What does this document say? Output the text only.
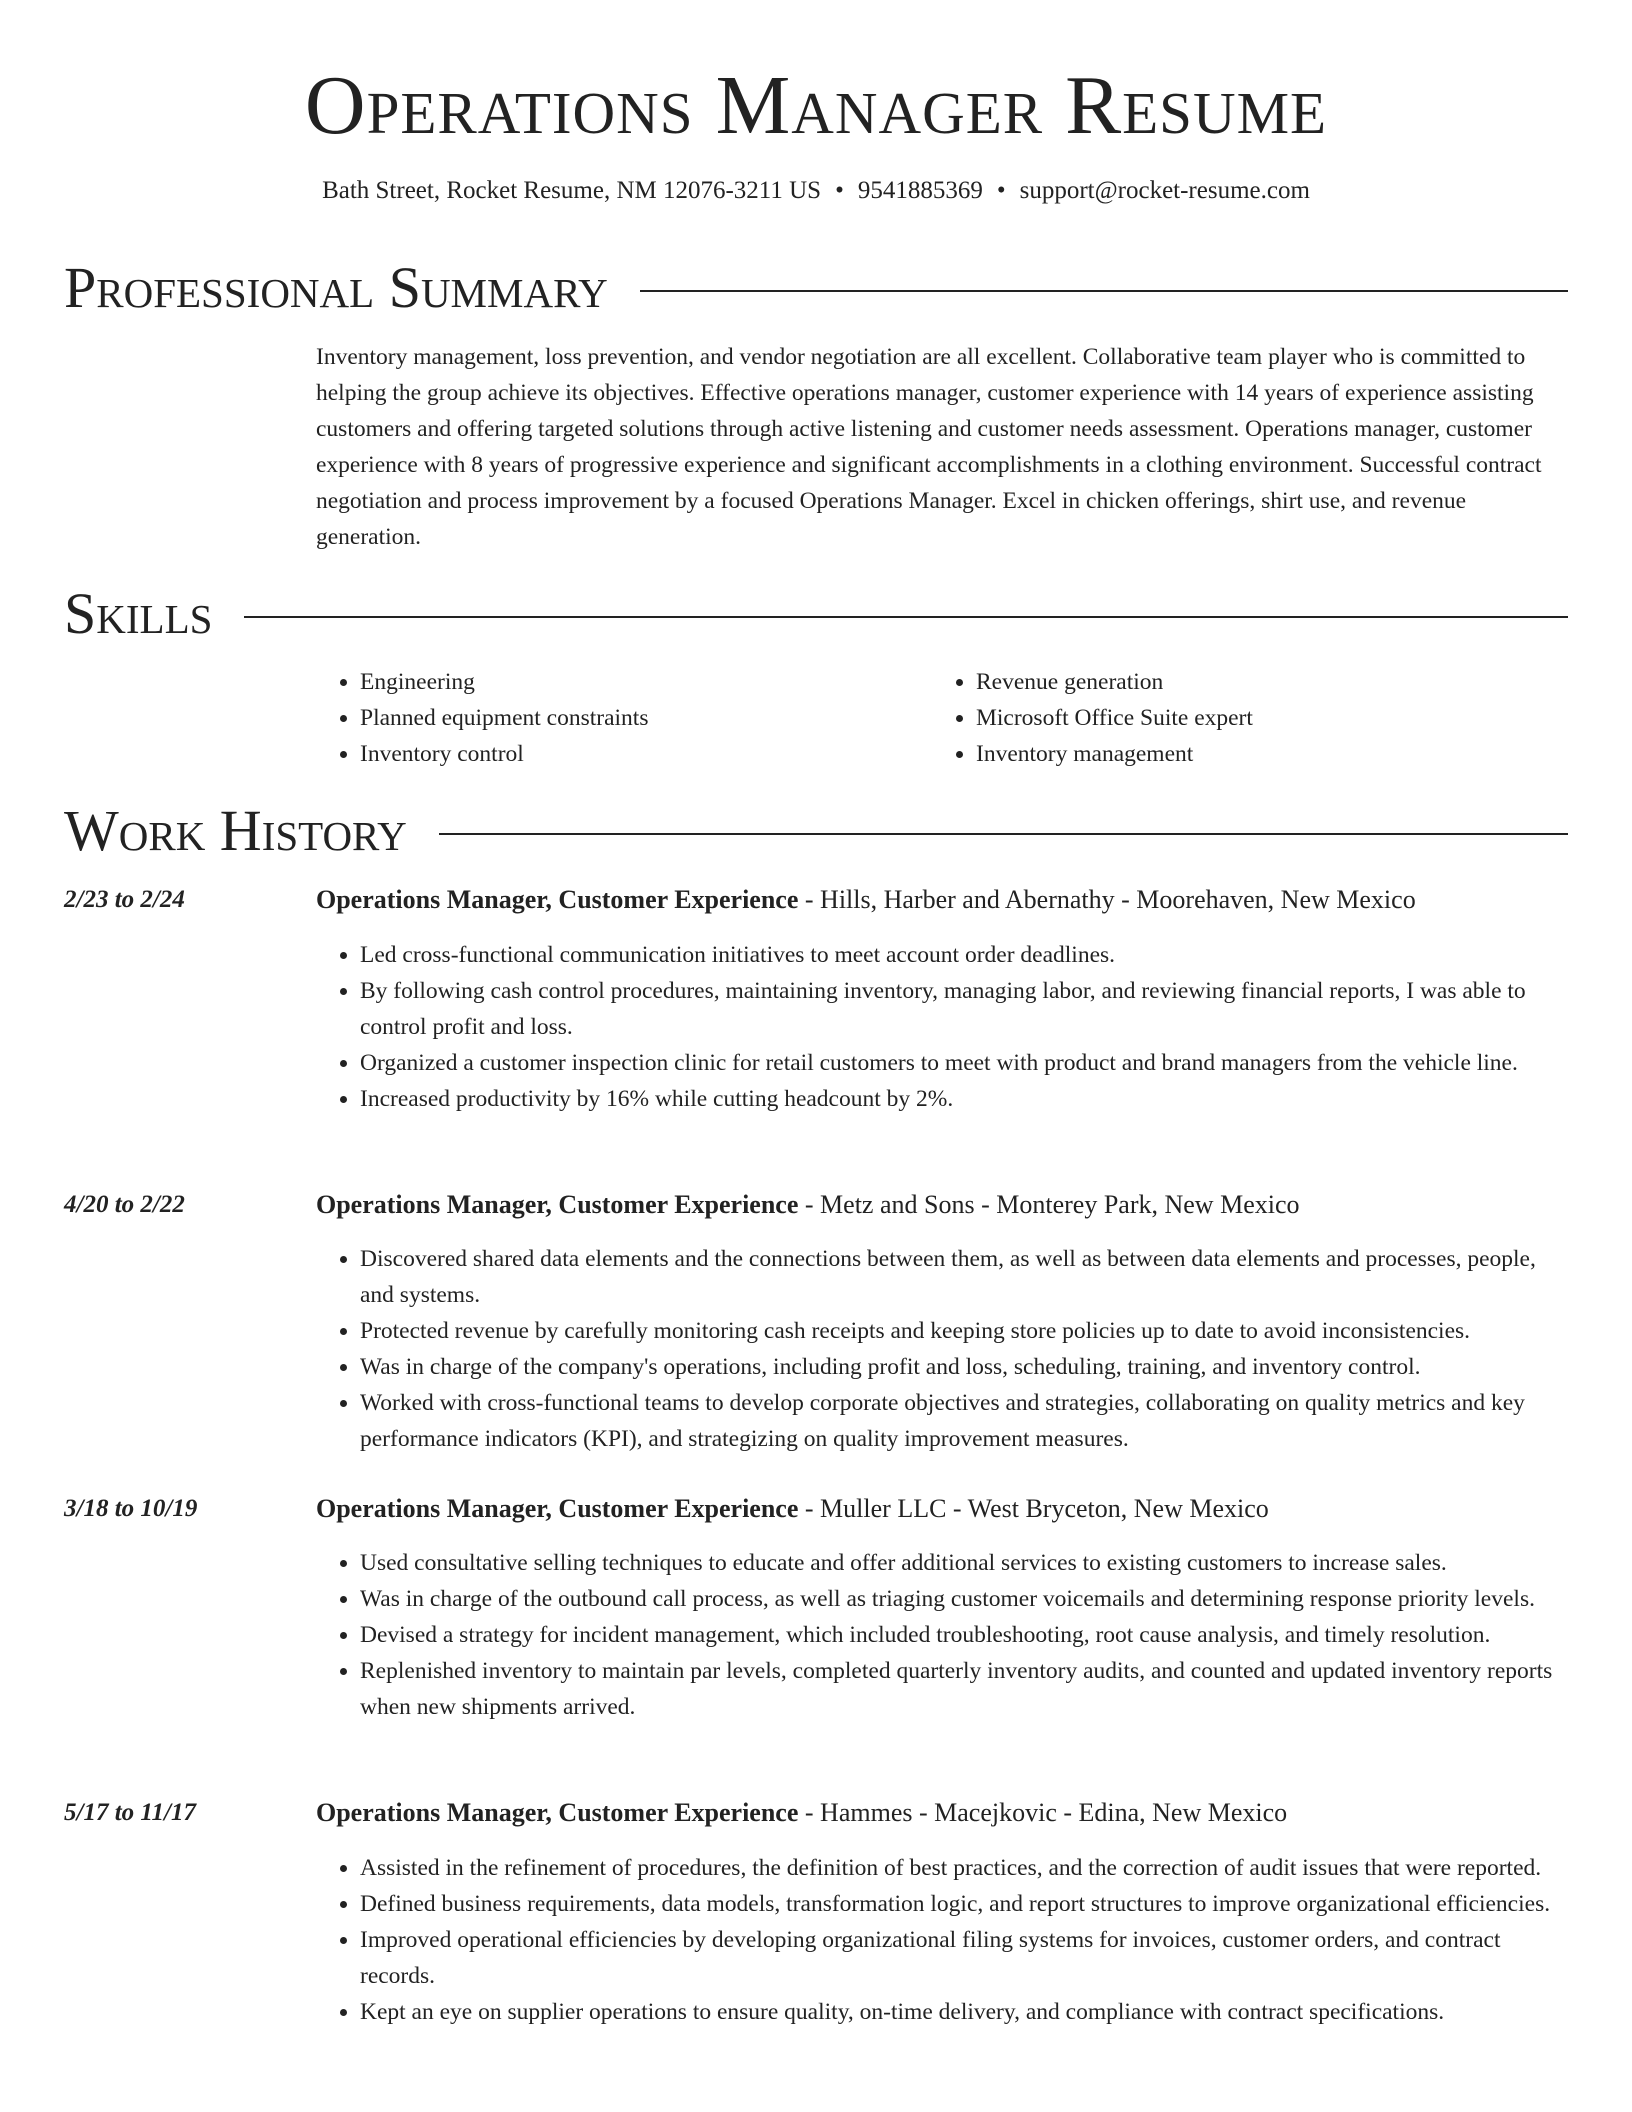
Operations Manager Resume
Bath Street, Rocket Resume, NM 12076-3211 US • 9541885369 • support@rocket-resume.com
Professional Summary

Inventory management, loss prevention, and vendor negotiation are all excellent. Collaborative team player who is committed to helping the group achieve its objectives. Effective operations manager, customer experience with 14 years of experience assisting customers and offering targeted solutions through active listening and customer needs assessment. Operations manager, customer experience with 8 years of progressive experience and significant accomplishments in a clothing environment. Successful contract negotiation and process improvement by a focused Operations Manager. Excel in chicken offerings, shirt use, and revenue generation.

Skills
• Engineering
• Planned equipment constraints
• Inventory control
• Revenue generation
• Microsoft Office Suite expert
• Inventory management
Work History
2/23 to 2/24	Operations Manager, Customer Experience - Hills, Harber and Abernathy - Moorehaven, New Mexico
• Led cross-functional communication initiatives to meet account order deadlines.
• By following cash control procedures, maintaining inventory, managing labor, and reviewing financial reports, I was able to control profit and loss.
• Organized a customer inspection clinic for retail customers to meet with product and brand managers from the vehicle line.
• Increased productivity by 16% while cutting headcount by 2%.
4/20 to 2/22	Operations Manager, Customer Experience - Metz and Sons - Monterey Park, New Mexico
• Discovered shared data elements and the connections between them, as well as between data elements and processes, people, and systems.
• Protected revenue by carefully monitoring cash receipts and keeping store policies up to date to avoid inconsistencies.
• Was in charge of the company's operations, including profit and loss, scheduling, training, and inventory control.
• Worked with cross-functional teams to develop corporate objectives and strategies, collaborating on quality metrics and key performance indicators (KPI), and strategizing on quality improvement measures.
3/18 to 10/19	Operations Manager, Customer Experience - Muller LLC - West Bryceton, New Mexico
• Used consultative selling techniques to educate and offer additional services to existing customers to increase sales.
• Was in charge of the outbound call process, as well as triaging customer voicemails and determining response priority levels.
• Devised a strategy for incident management, which included troubleshooting, root cause analysis, and timely resolution.
• Replenished inventory to maintain par levels, completed quarterly inventory audits, and counted and updated inventory reports when new shipments arrived.
5/17 to 11/17	Operations Manager, Customer Experience - Hammes - Macejkovic - Edina, New Mexico
• Assisted in the refinement of procedures, the definition of best practices, and the correction of audit issues that were reported.
• Defined business requirements, data models, transformation logic, and report structures to improve organizational efficiencies.
• Improved operational efficiencies by developing organizational filing systems for invoices, customer orders, and contract records.
• Kept an eye on supplier operations to ensure quality, on-time delivery, and compliance with contract specifications.
